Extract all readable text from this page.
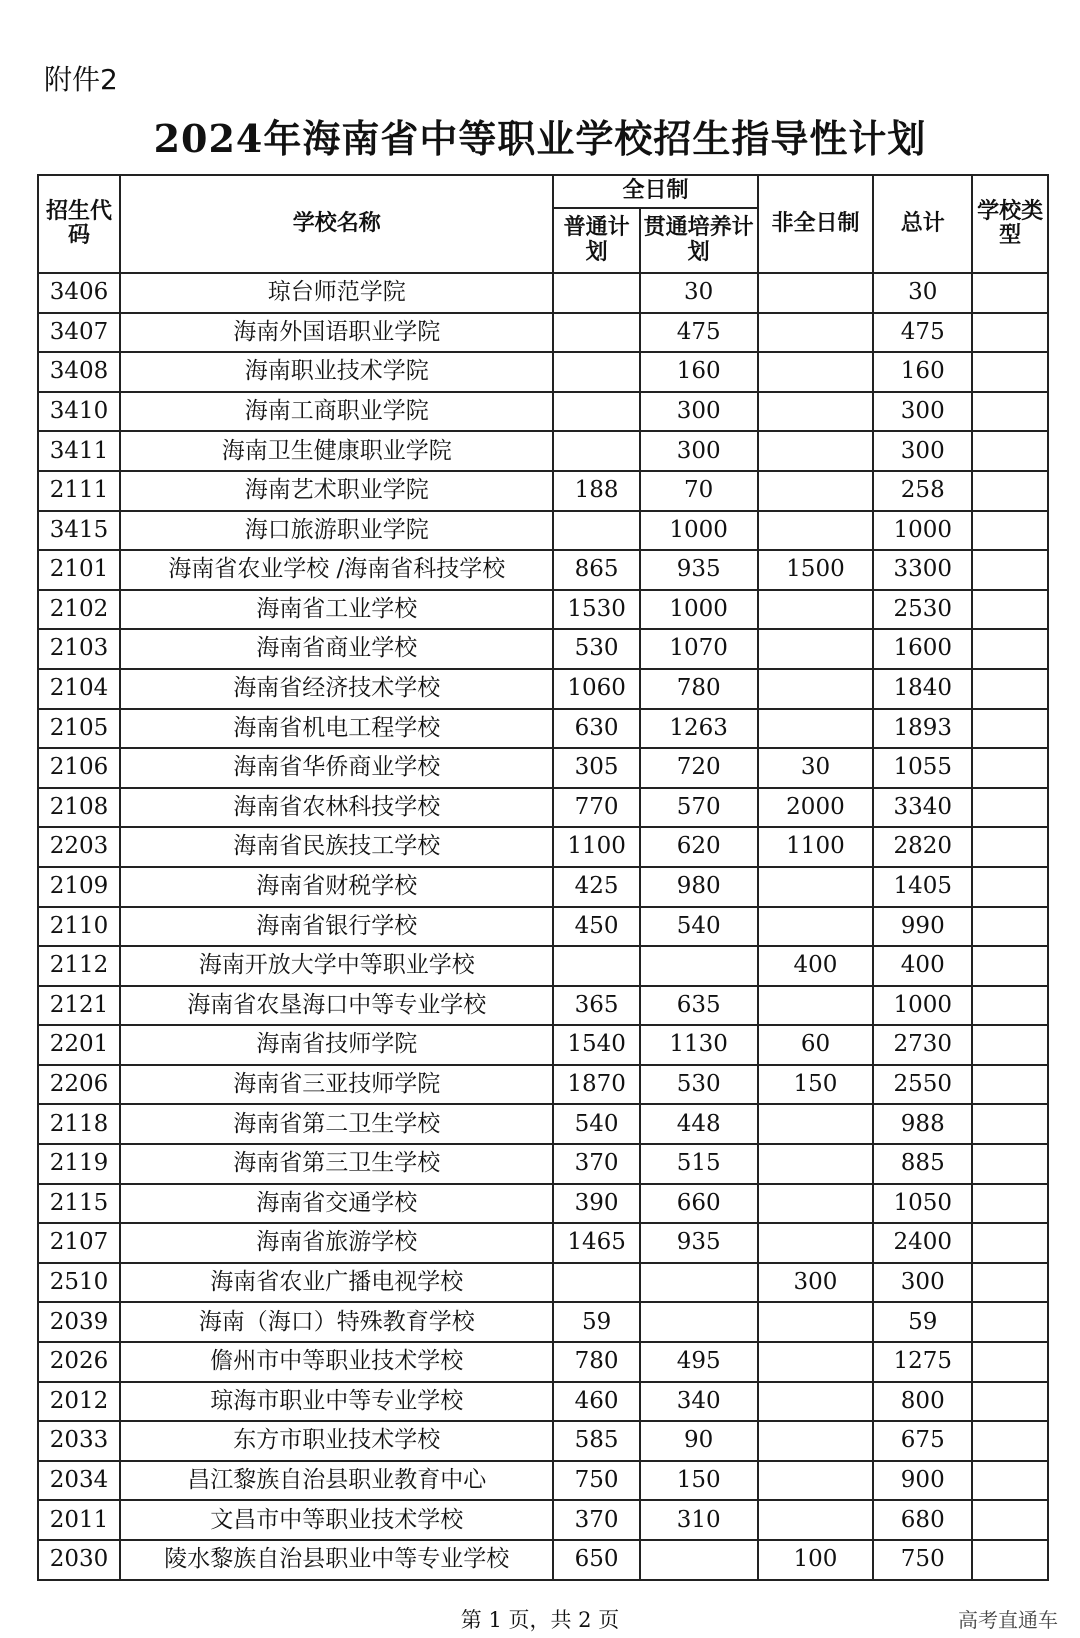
附件2
2024年海南省中等职业学校招生指导性计划
招生代码	学校名称	全日制		非全日制	总计	学校类型
		普通计划	贯通培养计划			
3406	琼台师范学院		30		30	
3407	海南外国语职业学院		475		475	
3408	海南职业技术学院		160		160	
3410	海南工商职业学院		300		300	
3411	海南卫生健康职业学院		300		300	
2111	海南艺术职业学院	188	70		258	
3415	海口旅游职业学院		1000		1000	
2101	海南省农业学校 /海南省科技学校	865	935	1500	3300	
2102	海南省工业学校	1530	1000		2530	
2103	海南省商业学校	530	1070		1600	
2104	海南省经济技术学校	1060	780		1840	
2105	海南省机电工程学校	630	1263		1893	
2106	海南省华侨商业学校	305	720	30	1055	
2108	海南省农林科技学校	770	570	2000	3340	
2203	海南省民族技工学校	1100	620	1100	2820	
2109	海南省财税学校	425	980		1405	
2110	海南省银行学校	450	540		990	
2112	海南开放大学中等职业学校			400	400	
2121	海南省农垦海口中等专业学校	365	635		1000	
2201	海南省技师学院	1540	1130	60	2730	
2206	海南省三亚技师学院	1870	530	150	2550	
2118	海南省第二卫生学校	540	448		988	
2119	海南省第三卫生学校	370	515		885	
2115	海南省交通学校	390	660		1050	
2107	海南省旅游学校	1465	935		2400	
2510	海南省农业广播电视学校			300	300	
2039	海南（海口）特殊教育学校	59			59	
2026	儋州市中等职业技术学校	780	495		1275	
2012	琼海市职业中等专业学校	460	340		800	
2033	东方市职业技术学校	585	90		675	
2034	昌江黎族自治县职业教育中心	750	150		900	
2011	文昌市中等职业技术学校	370	310		680	
2030	陵水黎族自治县职业中等专业学校	650		100	750	
第 1 页，共 2 页	高考直通车
